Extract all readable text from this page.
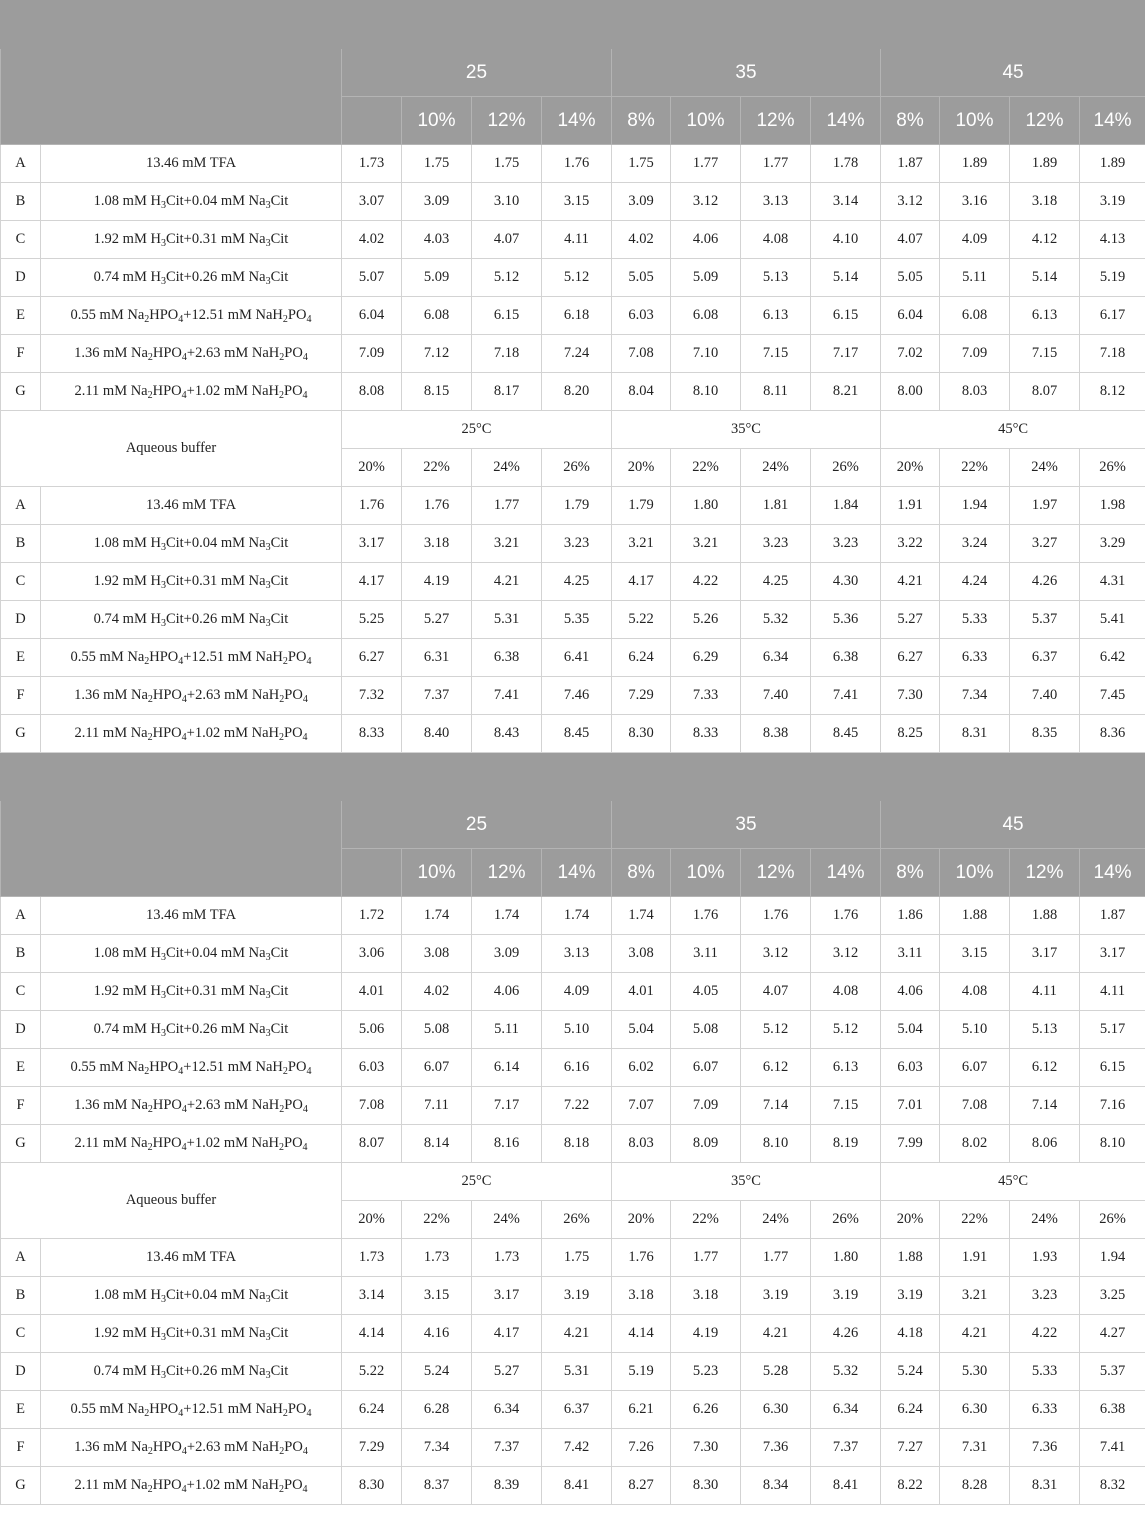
		25				35				45			
			10%	12%	14%	8%	10%	12%	14%	8%	10%	12%	14%
A	13.46 mM TFA	1.73	1.75	1.75	1.76	1.75	1.77	1.77	1.78	1.87	1.89	1.89	1.89
B	1.08 mM $H_3Cit+0.04$ mM $Na_3Cit$	3.07	3.09	3.10	3.15	3.09	3.12	3.13	3.14	3.12	3.16	3.18	3.19
C	1.92 mM $H_3Cit+0.31$ mM $Na_3Cit$	4.02	4.03	4.07	4.11	4.02	4.06	4.08	4.10	4.07	4.09	4.12	4.13
D	0.74 mM $H_3Cit+0.26$ mM $Na_3Cit$	5.07	5.09	5.12	5.12	5.05	5.09	5.13	5.14	5.05	5.11	5.14	5.19
E	0.55 mM $Na_2HPO_4+12.51$ mM $NaH_2PO_4$	6.04	6.08	6.15	6.18	6.03	6.08	6.13	6.15	6.04	6.08	6.13	6.17
F	1.36 mM $Na_2HPO_4+2.63$ mM $NaH_2PO_4$	7.09	7.12	7.18	7.24	7.08	7.10	7.15	7.17	7.02	7.09	7.15	7.18
G	2.11 mM $Na_2HPO_4+1.02$ mM $NaH_2PO_4$	8.08	8.15	8.17	8.20	8.04	8.10	8.11	8.21	8.00	8.03	8.07	8.12
Aqueous buffer		25°C				35°C				45°C			
		20%	22%	24%	26%	20%	22%	24%	26%	20%	22%	24%	26%
A	13.46 mM TFA	1.76	1.76	1.77	1.79	1.79	1.80	1.81	1.84	1.91	1.94	1.97	1.98
B	1.08 mM $H_3Cit+0.04$ mM $Na_3Cit$	3.17	3.18	3.21	3.23	3.21	3.21	3.23	3.23	3.22	3.24	3.27	3.29
C	1.92 mM $H_3Cit+0.31$ mM $Na_3Cit$	4.17	4.19	4.21	4.25	4.17	4.22	4.25	4.30	4.21	4.24	4.26	4.31
D	0.74 mM $H_3Cit+0.26$ mM $Na_3Cit$	5.25	5.27	5.31	5.35	5.22	5.26	5.32	5.36	5.27	5.33	5.37	5.41
E	0.55 mM $Na_2HPO_4+12.51$ mM $NaH_2PO_4$	6.27	6.31	6.38	6.41	6.24	6.29	6.34	6.38	6.27	6.33	6.37	6.42
F	1.36 mM $Na_2HPO_4+2.63$ mM $NaH_2PO_4$	7.32	7.37	7.41	7.46	7.29	7.33	7.40	7.41	7.30	7.34	7.40	7.45
G	2.11 mM $Na_2HPO_4+1.02$ mM $NaH_2PO_4$	8.33	8.40	8.43	8.45	8.30	8.33	8.38	8.45	8.25	8.31	8.35	8.36

		25				35				45			
			10%	12%	14%	8%	10%	12%	14%	8%	10%	12%	14%
A	13.46 mM TFA	1.72	1.74	1.74	1.74	1.74	1.76	1.76	1.76	1.86	1.88	1.88	1.87
B	1.08 mM $H_3Cit+0.04$ mM $Na_3Cit$	3.06	3.08	3.09	3.13	3.08	3.11	3.12	3.12	3.11	3.15	3.17	3.17
C	1.92 mM $H_3Cit+0.31$ mM $Na_3Cit$	4.01	4.02	4.06	4.09	4.01	4.05	4.07	4.08	4.06	4.08	4.11	4.11
D	0.74 mM $H_3Cit+0.26$ mM $Na_3Cit$	5.06	5.08	5.11	5.10	5.04	5.08	5.12	5.12	5.04	5.10	5.13	5.17
E	0.55 mM $Na_2HPO_4+12.51$ mM $NaH_2PO_4$	6.03	6.07	6.14	6.16	6.02	6.07	6.12	6.13	6.03	6.07	6.12	6.15
F	1.36 mM $Na_2HPO_4+2.63$ mM $NaH_2PO_4$	7.08	7.11	7.17	7.22	7.07	7.09	7.14	7.15	7.01	7.08	7.14	7.16
G	2.11 mM $Na_2HPO_4+1.02$ mM $NaH_2PO_4$	8.07	8.14	8.16	8.18	8.03	8.09	8.10	8.19	7.99	8.02	8.06	8.10
Aqueous buffer		25°C				35°C				45°C			
		20%	22%	24%	26%	20%	22%	24%	26%	20%	22%	24%	26%
A	13.46 mM TFA	1.73	1.73	1.73	1.75	1.76	1.77	1.77	1.80	1.88	1.91	1.93	1.94
B	1.08 mM $H_3Cit+0.04$ mM $Na_3Cit$	3.14	3.15	3.17	3.19	3.18	3.18	3.19	3.19	3.19	3.21	3.23	3.25
C	1.92 mM $H_3Cit+0.31$ mM $Na_3Cit$	4.14	4.16	4.17	4.21	4.14	4.19	4.21	4.26	4.18	4.21	4.22	4.27
D	0.74 mM $H_3Cit+0.26$ mM $Na_3Cit$	5.22	5.24	5.27	5.31	5.19	5.23	5.28	5.32	5.24	5.30	5.33	5.37
E	0.55 mM $Na_2HPO_4+12.51$ mM $NaH_2PO_4$	6.24	6.28	6.34	6.37	6.21	6.26	6.30	6.34	6.24	6.30	6.33	6.38
F	1.36 mM $Na_2HPO_4+2.63$ mM $NaH_2PO_4$	7.29	7.34	7.37	7.42	7.26	7.30	7.36	7.37	7.27	7.31	7.36	7.41
G	2.11 mM $Na_2HPO_4+1.02$ mM $NaH_2PO_4$	8.30	8.37	8.39	8.41	8.27	8.30	8.34	8.41	8.22	8.28	8.31	8.32
